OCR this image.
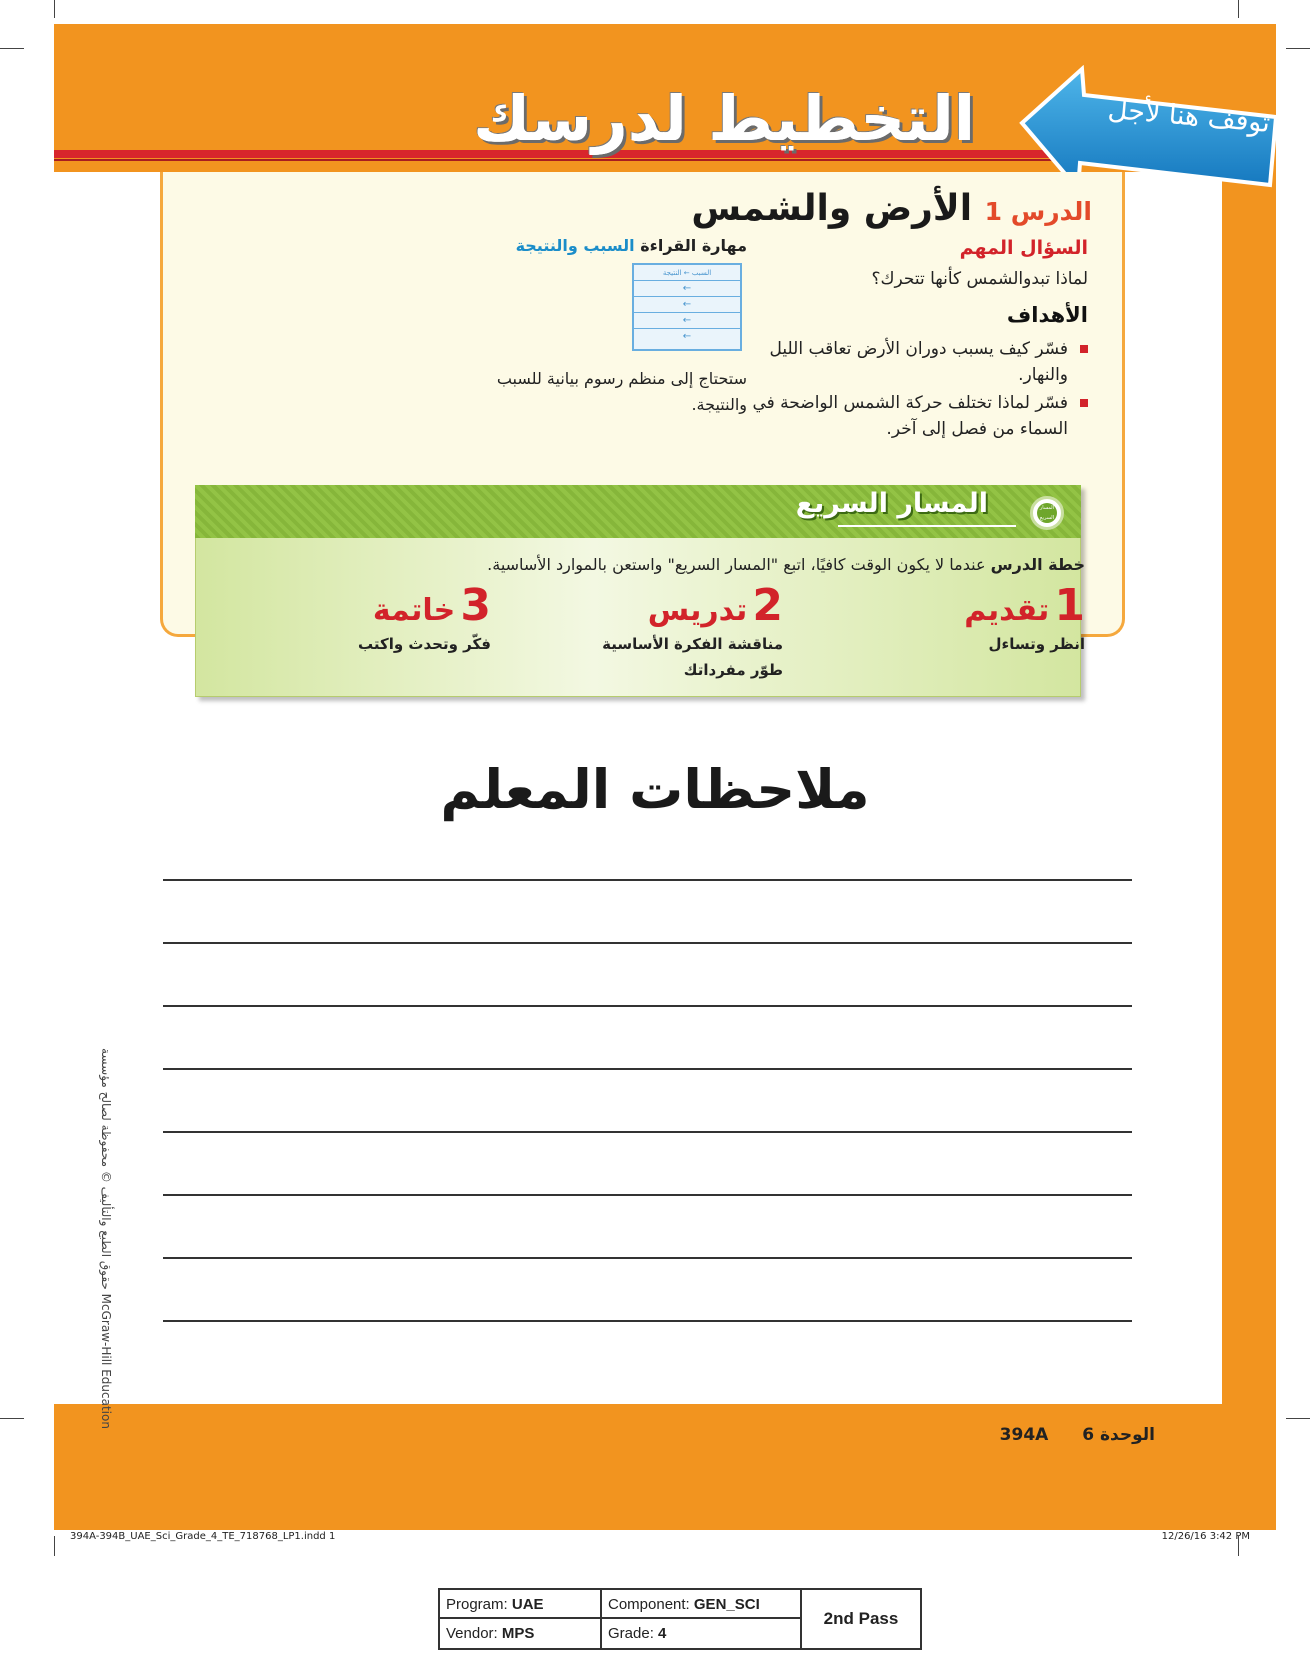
التخطيط لدرسك	توقف هنا لأجل
الدرس 1 الأرض والشمس
السؤال المهم
لماذا تبدوالشمس كأنها تتحرك؟
الأهداف
فسّر كيف يسبب دوران الأرض تعاقب الليل والنهار.
فسّر لماذا تختلف حركة الشمس الواضحة في السماء من فصل إلى آخر.
مهارة القراءة السبب والنتيجة
السبب ← النتيجة
←
←
←
←
ستحتاج إلى منظم رسوم بيانية للسبب والنتيجة.
المسار السريع	المسار السريع
خطة الدرس عندما لا يكون الوقت كافيًا، اتبع "المسار السريع" واستعن بالموارد الأساسية.
1 تقديم
انظر وتساءل
2 تدريس
مناقشة الفكرة الأساسية
طوّر مفرداتك
3 خاتمة
فكّر وتحدث واكتب
ملاحظات المعلم
حقوق الطبع والتأليف © محفوظة لصالح مؤسسة McGraw-Hill Education
الوحدة 6 394A
394A-394B_UAE_Sci_Grade_4_TE_718768_LP1.indd 1	12/26/16 3:42 PM
Program: UAE	Component: GEN_SCI
Vendor: MPS	Grade: 4
2nd Pass
